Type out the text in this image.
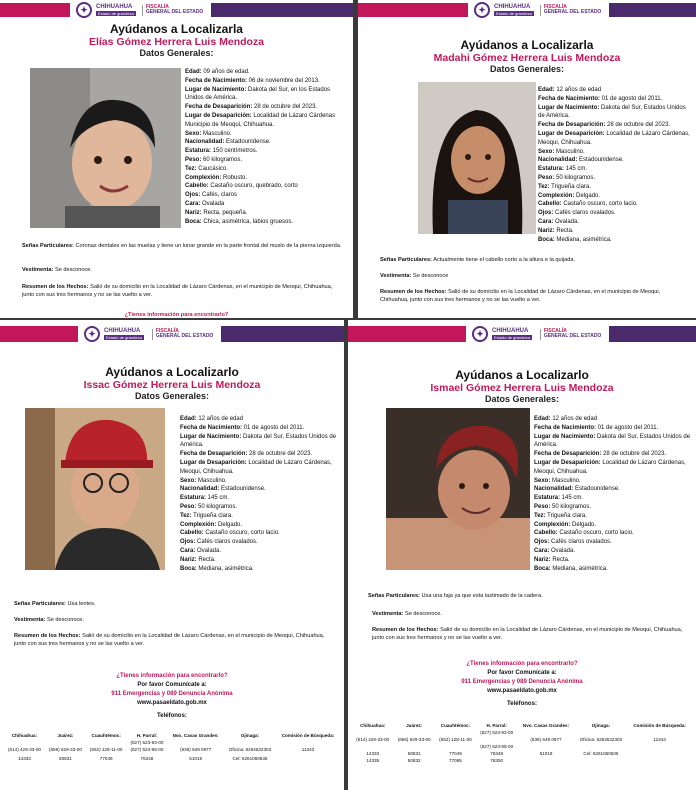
✦	CHIHUAHUA
Estado de grandeza
FISCALÍA
GENERAL DEL ESTADO
Ayúdanos a Localizarla
Elías Gómez Herrera Luis Mendoza
Datos Generales:
Edad: 09 años de edad.
Fecha de Nacimiento: 06 de noviembre del 2013.
Lugar de Nacimiento: Dakota del Sur, en los Estados Unidos de América.
Fecha de Desaparición: 28 de octubre del 2023.
Lugar de Desaparición: Localidad de Lázaro Cárdenas Municipio de Meoqui, Chihuahua.
Sexo: Masculino.
Nacionalidad: Estadounidense.
Estatura: 150 centímetros.
Peso: 60 kilogramos.
Tez: Caucásico.
Complexión: Robusto.
Cabello: Castaño oscuro, quebrado, corto
Ojos: Cafés, claros
Cara: Ovalada
Nariz: Recta, pequeña.
Boca: Chica, asimétrica, labios gruesos.
Señas Particulares: Coronas dentales en las muelas y tiene un lunar grande en la parte frontal del muslo de la pierna izquierda.
Vestimenta: Se desconoce.
Resumen de los Hechos: Salió de su domicilio en la Localidad de Lázaro Cárdenas, en el municipio de Meoqui, Chihuahua, junto con sus tres hermanos y no se las vuelto a ver.
¿Tienes información para encontrarlo?
✦	CHIHUAHUA
Estado de grandeza
FISCALÍA
GENERAL DEL ESTADO
Ayúdanos a Localizarla
Madahi Gómez Herrera Luis Mendoza
Datos Generales:
Edad: 12 años de edad
Fecha de Nacimiento: 01 de agosto del 2011.
Lugar de Nacimiento: Dakota del Sur, Estados Unidos de América.
Fecha de Desaparición: 28 de octubre del 2023.
Lugar de Desaparición: Localidad de Lázaro Cárdenas, Meoqui, Chihuahua.
Sexo: Masculino.
Nacionalidad: Estadounidense.
Estatura: 145 cm.
Peso: 50 kilogramos.
Tez: Trigueña clara.
Complexión: Delgado.
Cabello: Castaño oscuro, corto lacio.
Ojos: Cafés claros ovalados.
Cara: Ovalada.
Nariz: Recta.
Boca: Mediana, asimétrica.
Señas Particulares: Actualmente tiene el cabello corto a la altura e la quijada.
Vestimenta: Se desconoce
Resumen de los Hechos: Salió de su domicilio en la Localidad de Lázaro Cárdenas, en el municipio de Meoqui, Chihuahua, junto con sus tres hermanos y no se las vuelto a ver.
✦	CHIHUAHUA
Estado de grandeza
FISCALÍA
GENERAL DEL ESTADO
Ayúdanos a Localizarlo
Issac Gómez Herrera Luis Mendoza
Datos Generales:
Edad: 12 años de edad
Fecha de Nacimiento: 01 de agosto del 2011.
Lugar de Nacimiento: Dakota del Sur, Estados Unidos de América.
Fecha de Desaparición: 28 de octubre del 2023.
Lugar de Desaparición: Localidad de Lázaro Cárdenas, Meoqui, Chihuahua.
Sexo: Masculino.
Nacionalidad: Estadounidense.
Estatura: 145 cm.
Peso: 50 kilogramos.
Tez: Trigueña clara.
Complexión: Delgado.
Cabello: Castaño oscuro, corto lacio.
Ojos: Cafés claros ovalados.
Cara: Ovalada.
Nariz: Recta.
Boca: Mediana, asimétrica.
Señas Particulares: Usa lentes.
Vestimenta: Se desconoce.
Resumen de los Hechos: Salió de su domicilio en la Localidad de Lázaro Cárdenas, en el municipio de Meoqui, Chihuahua, junto con sus tres hermanos y no se las vuelto a ver.
¿Tienes información para encontrarlo?
Por favor Comunícate a:
911 Emergencias y 089 Denuncia Anónima
www.pasaeldato.gob.mx
Teléfonos:
Chihuahua:	Juárez:	Cuauhtémoc:	H. Parral:	Nvo. Casas Grandes:	Ojinaga:	Comisión de Búsqueda:
			(627) 523-93-00			
(614) 429-33-00	(656) 629-33-00	(652) 128-11-00	(627) 523-95-00	(636) 649 0977	Oficina: 6264532303	11343

14333	50831	77049	76348	51019	Cel: 6261060636	
✦	CHIHUAHUA
Estado de grandeza
FISCALÍA
GENERAL DEL ESTADO
Ayúdanos a Localizarlo
Ismael Gómez Herrera Luis Mendoza
Datos Generales:
Edad: 12 años de edad
Fecha de Nacimiento: 01 de agosto del 2011.
Lugar de Nacimiento: Dakota del Sur, Estados Unidos de América.
Fecha de Desaparición: 28 de octubre del 2023.
Lugar de Desaparición: Localidad de Lázaro Cárdenas, Meoqui, Chihuahua.
Sexo: Masculino.
Nacionalidad: Estadounidense.
Estatura: 145 cm.
Peso: 50 kilogramos.
Tez: Trigueña clara.
Complexión: Delgado.
Cabello: Castaño oscuro, corto lacio.
Ojos: Cafés claros ovalados.
Cara: Ovalada.
Nariz: Recta.
Boca: Mediana, asimétrica.
Señas Particulares: Usa una faja ya que esta lastimado de la cadera.
Vestimenta: Se desconoce.
Resumen de los Hechos: Salió de su domicilio en la Localidad de Lázaro Cárdenas, en el municipio de Meoqui, Chihuahua, junto con sus tres hermanos y no se las vuelto a ver.
¿Tienes información para encontrarlo?
Por favor Comunícate a:
911 Emergencias y 089 Denuncia Anónima
www.pasaeldato.gob.mx
Teléfonos:
Chihuahua:	Juárez:	Cuauhtémoc:	H. Parral:	Nvo. Casas Grandes:	Ojinaga:	Comisión de Búsqueda:
			(627) 523-93-00			
(614) 429-33-00	(656) 629-33-00	(652) 128-11-00		(636) 649 0977	Oficina: 6264532303	11343
			(627) 523-95-00			
14333	50831	77049	76348	51019	Cel: 6261060636	
14335	50832	77065	76350			
